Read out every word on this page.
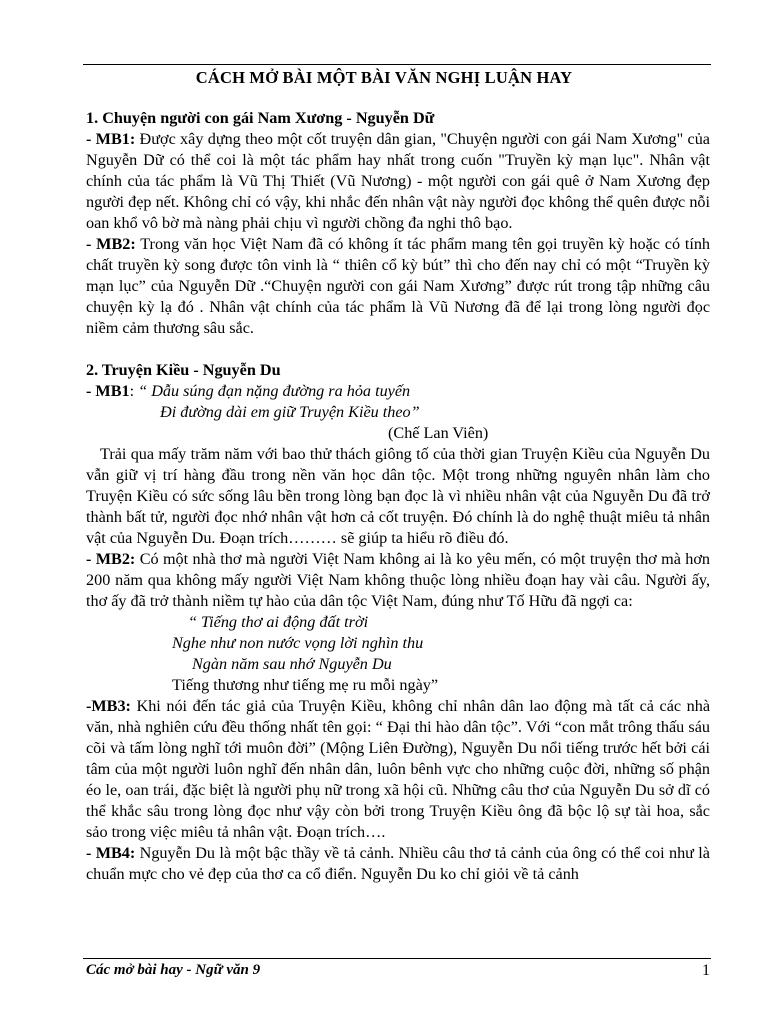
CÁCH MỞ BÀI MỘT BÀI VĂN NGHỊ LUẬN HAY
1. Chuyện người con gái Nam Xương - Nguyễn Dữ

- MB1: Được xây dựng theo một cốt truyện dân gian, "Chuyện người con gái Nam Xương" của Nguyễn Dữ có thể coi là một tác phẩm hay nhất trong cuốn "Truyền kỳ mạn lục". Nhân vật chính của tác phẩm là Vũ Thị Thiết (Vũ Nương) - một người con gái quê ở Nam Xương đẹp người đẹp nết. Không chỉ có vậy, khi nhắc đến nhân vật này người đọc không thể quên được nỗi oan khổ vô bờ mà nàng phải chịu vì người chồng đa nghi thô bạo.

- MB2: Trong văn học Việt Nam đã có không ít tác phẩm mang tên gọi truyền kỳ hoặc có tính chất truyền kỳ song được tôn vinh là “ thiên cổ kỳ bút” thì cho đến nay chỉ có một “Truyền kỳ mạn lục” của Nguyễn Dữ .“Chuyện người con gái Nam Xương” được rút trong tập những câu chuyện kỳ lạ đó . Nhân vật chính của tác phẩm là Vũ Nương đã để lại trong lòng người đọc niềm cảm thương sâu sắc.

2. Truyện Kiều - Nguyễn Du
- MB1: “ Dẫu súng đạn nặng đường ra hỏa tuyến
Đi đường dài em giữ Truyện Kiều theo”
(Chế Lan Viên)

Trải qua mấy trăm năm với bao thử thách giông tố của thời gian Truyện Kiều của Nguyễn Du vẫn giữ vị trí hàng đầu trong nền văn học dân tộc. Một trong những nguyên nhân làm cho Truyện Kiều có sức sống lâu bền trong lòng bạn đọc là vì nhiều nhân vật của Nguyễn Du đã trở thành bất tử, người đọc nhớ nhân vật hơn cả cốt truyện. Đó chính là do nghệ thuật miêu tả nhân vật của Nguyễn Du. Đoạn trích……… sẽ giúp ta hiểu rõ điều đó.

- MB2: Có một nhà thơ mà người Việt Nam không ai là ko yêu mến, có một truyện thơ mà hơn 200 năm qua không mấy người Việt Nam không thuộc lòng nhiều đoạn hay vài câu. Người ấy, thơ ấy đã trở thành niềm tự hào của dân tộc Việt Nam, đúng như Tố Hữu đã ngợi ca:

“ Tiếng thơ ai động đất trời
Nghe như non nước vọng lời nghìn thu
Ngàn năm sau nhớ Nguyễn Du
Tiếng thương như tiếng mẹ ru mỗi ngày”

-MB3: Khi nói đến tác giả của Truyện Kiều, không chỉ nhân dân lao động mà tất cả các nhà văn, nhà nghiên cứu đều thống nhất tên gọi: “ Đại thi hào dân tộc”. Với “con mắt trông thấu sáu cõi và tấm lòng nghĩ tới muôn đời” (Mộng Liên Đường), Nguyễn Du nổi tiếng trước hết bởi cái tâm của một người luôn nghĩ đến nhân dân, luôn bênh vực cho những cuộc đời, những số phận éo le, oan trái, đặc biệt là người phụ nữ trong xã hội cũ. Những câu thơ của Nguyễn Du sở dĩ có thể khắc sâu trong lòng đọc như vậy còn bởi trong Truyện Kiều ông đã bộc lộ sự tài hoa, sắc sảo trong việc miêu tả nhân vật. Đoạn trích….

- MB4: Nguyễn Du là một bậc thầy về tả cảnh. Nhiều câu thơ tả cảnh của ông có thể coi như là chuẩn mực cho vẻ đẹp của thơ ca cổ điển. Nguyễn Du ko chỉ giỏi về tả cảnh

Các mở bài hay - Ngữ văn 9	1
